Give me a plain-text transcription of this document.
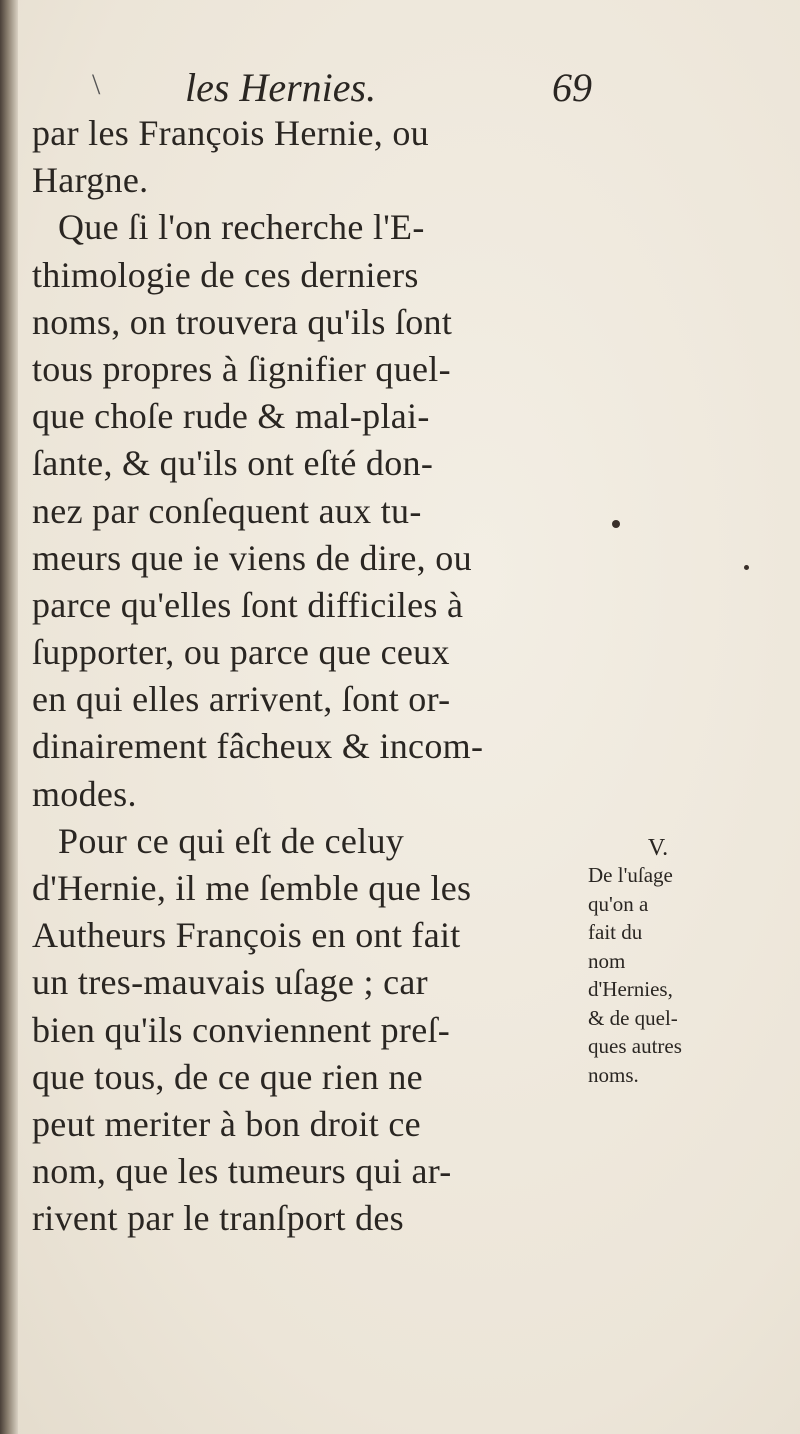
\ les Hernies.	69
par les François Hernie, ou
Hargne.
Que ſi l'on recherche l'E-
thimologie de ces derniers
noms, on trouvera qu'ils ſont
tous propres à ſignifier quel-
que choſe rude & mal-plai-
ſante, & qu'ils ont eſté don-
nez par conſequent aux tu-
meurs que ie viens de dire, ou
parce qu'elles ſont difficiles à
ſupporter, ou parce que ceux
en qui elles arrivent, ſont or-
dinairement fâcheux & incom-
modes.
Pour ce qui eſt de celuy
d'Hernie, il me ſemble que les
Autheurs François en ont fait
un tres-mauvais uſage ; car
bien qu'ils conviennent preſ-
que tous, de ce que rien ne
peut meriter à bon droit ce
nom, que les tumeurs qui ar-
rivent par le tranſport des
V.
De l'uſage
qu'on a
fait du
nom
d'Hernies,
& de quel-
ques autres
noms.
